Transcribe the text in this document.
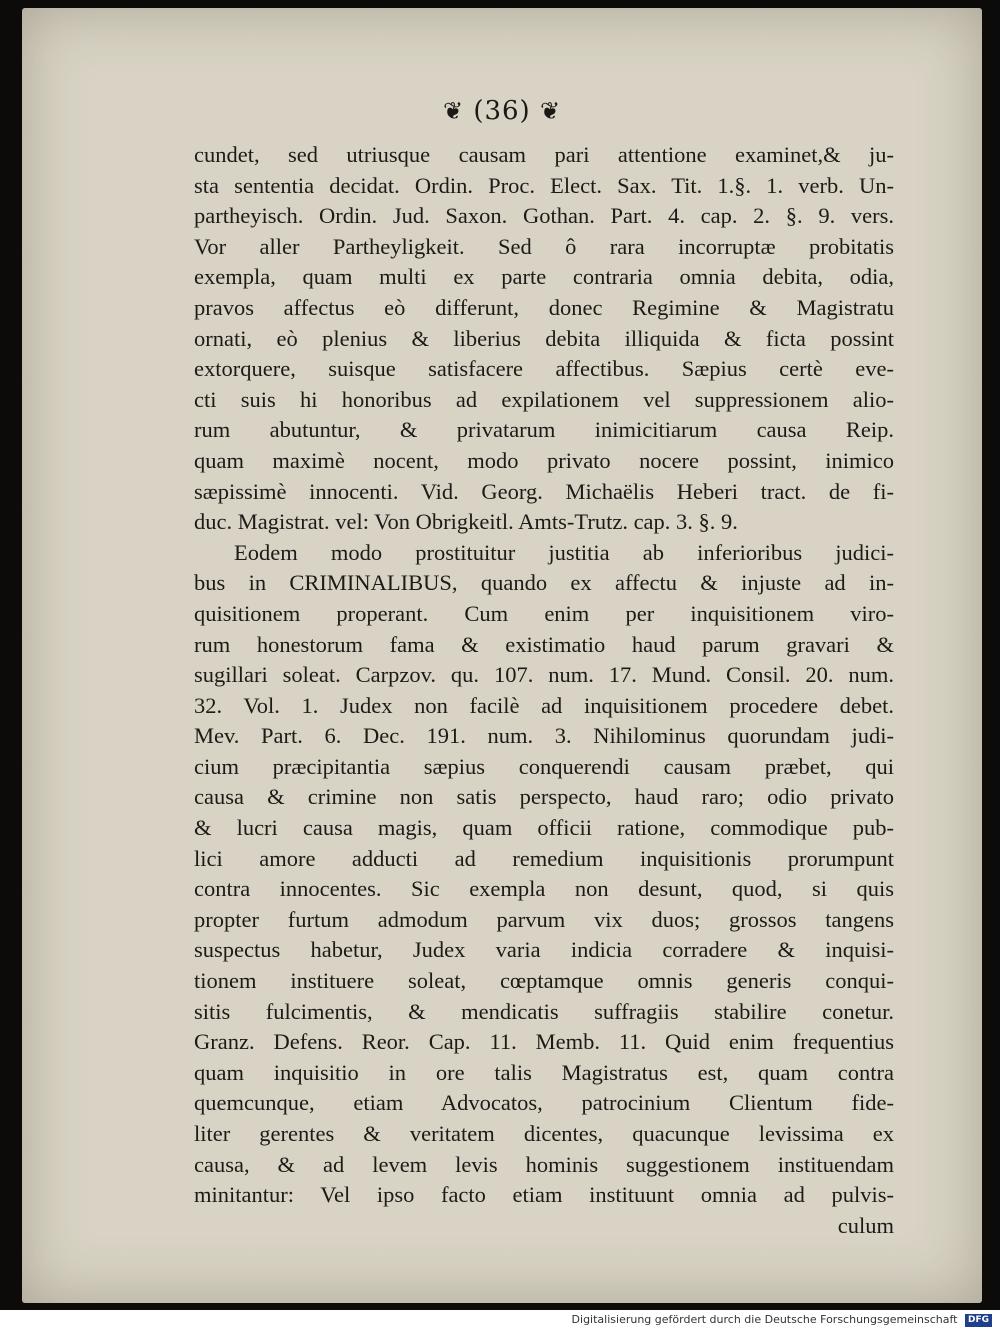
❦ (36) ❦
cundet, sed utriusque causam pari attentione examinet,& ju-
sta sententia decidat. Ordin. Proc. Elect. Sax. Tit. 1.§. 1. verb. Un-
partheyisch. Ordin. Jud. Saxon. Gothan. Part. 4. cap. 2. §. 9. vers.
Vor aller Partheyligkeit. Sed ô rara incorruptæ probitatis
exempla, quam multi ex parte contraria omnia debita, odia,
pravos affectus eò differunt, donec Regimine & Magistratu
ornati, eò plenius & liberius debita illiquida & ficta possint
extorquere, suisque satisfacere affectibus. Sæpius certè eve-
cti suis hi honoribus ad expilationem vel suppressionem alio-
rum abutuntur, & privatarum inimicitiarum causa Reip.
quam maximè nocent, modo privato nocere possint, inimico
sæpissimè innocenti. Vid. Georg. Michaëlis Heberi tract. de fi-
duc. Magistrat. vel: Von Obrigkeitl. Amts-Trutz. cap. 3. §. 9.
Eodem modo prostituitur justitia ab inferioribus judici-
bus in CRIMINALIBUS, quando ex affectu & injuste ad in-
quisitionem properant. Cum enim per inquisitionem viro-
rum honestorum fama & existimatio haud parum gravari &
sugillari soleat. Carpzov. qu. 107. num. 17. Mund. Consil. 20. num.
32. Vol. 1. Judex non facilè ad inquisitionem procedere debet.
Mev. Part. 6. Dec. 191. num. 3. Nihilominus quorundam judi-
cium præcipitantia sæpius conquerendi causam præbet, qui
causa & crimine non satis perspecto, haud raro; odio privato
& lucri causa magis, quam officii ratione, commodique pub-
lici amore adducti ad remedium inquisitionis prorumpunt
contra innocentes. Sic exempla non desunt, quod, si quis
propter furtum admodum parvum vix duos; grossos tangens
suspectus habetur, Judex varia indicia corradere & inquisi-
tionem instituere soleat, cœptamque omnis generis conqui-
sitis fulcimentis, & mendicatis suffragiis stabilire conetur.
Granz. Defens. Reor. Cap. 11. Memb. 11. Quid enim frequentius
quam inquisitio in ore talis Magistratus est, quam contra
quemcunque, etiam Advocatos, patrocinium Clientum fide-
liter gerentes & veritatem dicentes, quacunque levissima ex
causa, & ad levem levis hominis suggestionem instituendam
minitantur: Vel ipso facto etiam instituunt omnia ad pulvis-
culum
Digitalisierung gefördert durch die Deutsche Forschungsgemeinschaft DFG
